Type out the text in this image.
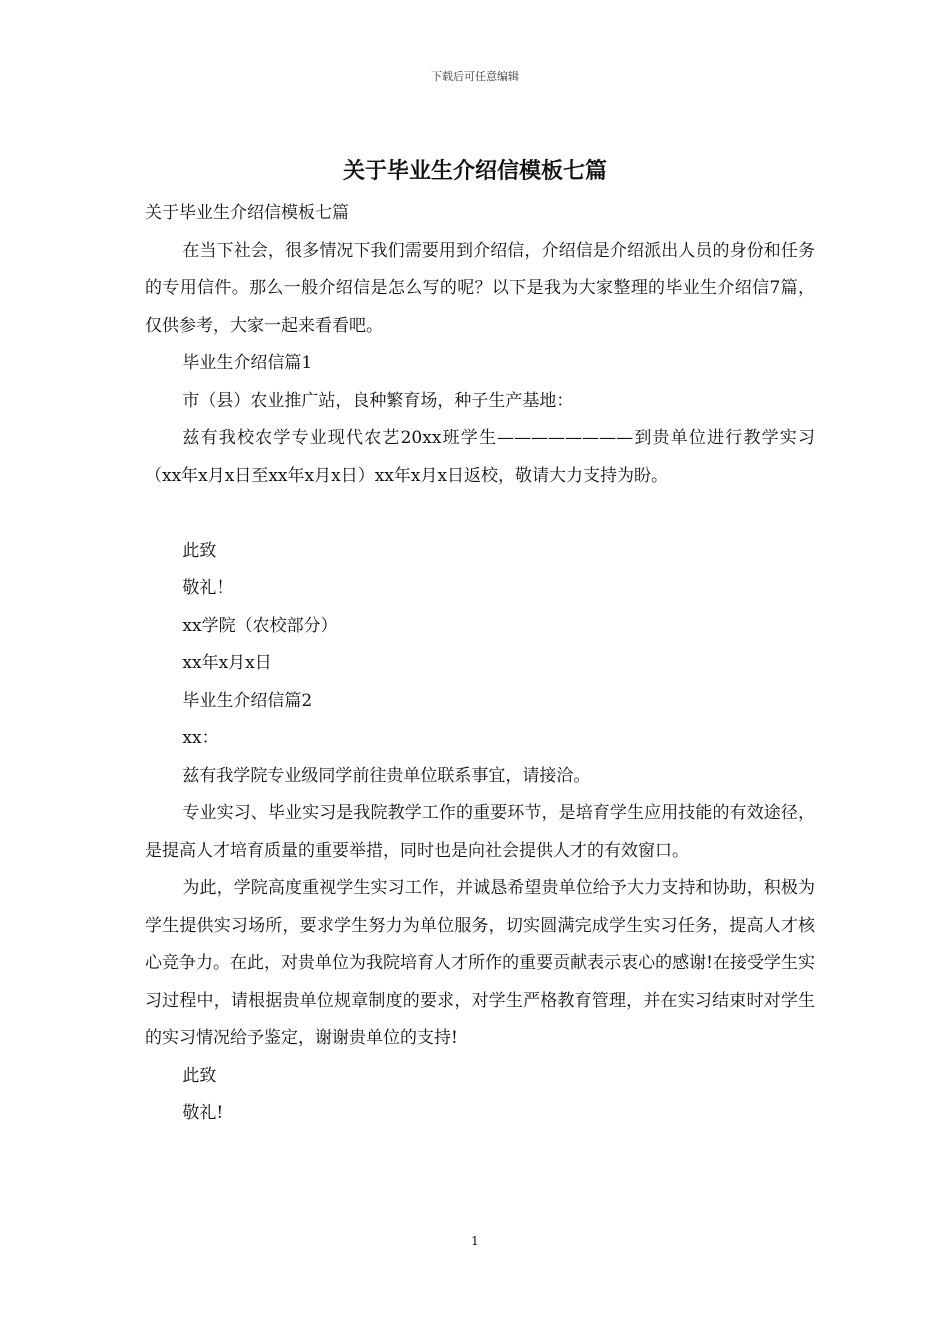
下载后可任意编辑
关于毕业生介绍信模板七篇

关于毕业生介绍信模板七篇

在当下社会，很多情况下我们需要用到介绍信，介绍信是介绍派出人员的身份和任务的专用信件。那么一般介绍信是怎么写的呢？以下是我为大家整理的毕业生介绍信7篇，仅供参考，大家一起来看看吧。

毕业生介绍信篇1

市（县）农业推广站，良种繁育场，种子生产基地：

兹有我校农学专业现代农艺20xx班学生————————到贵单位进行教学实习（xx年x月x日至xx年x月x日）xx年x月x日返校，敬请大力支持为盼。

此致

敬礼！

xx学院（农校部分）

xx年x月x日

毕业生介绍信篇2

xx：

兹有我学院专业级同学前往贵单位联系事宜，请接洽。

专业实习、毕业实习是我院教学工作的重要环节，是培育学生应用技能的有效途径，是提高人才培育质量的重要举措，同时也是向社会提供人才的有效窗口。

为此，学院高度重视学生实习工作，并诚恳希望贵单位给予大力支持和协助，积极为学生提供实习场所，要求学生努力为单位服务，切实圆满完成学生实习任务，提高人才核心竞争力。在此，对贵单位为我院培育人才所作的重要贡献表示衷心的感谢!在接受学生实习过程中，请根据贵单位规章制度的要求，对学生严格教育管理，并在实习结束时对学生的实习情况给予鉴定，谢谢贵单位的支持!

此致

敬礼!

1
